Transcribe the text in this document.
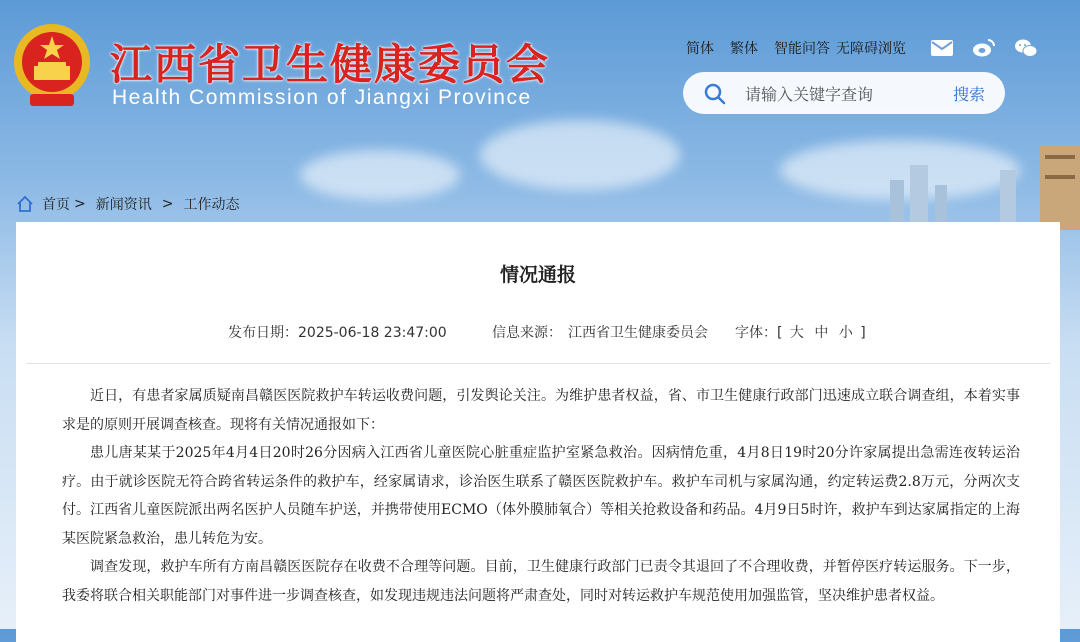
江西省卫生健康委员会
Health Commission of Jiangxi Province
简体 繁体 智能问答 无障碍浏览
请输入关键字查询
搜索
首页 > 新闻资讯 > 工作动态
情况通报
发布日期：2025-06-18 23:47:00	信息来源： 江西省卫生健康委员会	字体：[ 大 中 小 ]

近日，有患者家属质疑南昌赣医医院救护车转运收费问题，引发舆论关注。为维护患者权益，省、市卫生健康行政部门迅速成立联合调查组，本着实事求是的原则开展调查核查。现将有关情况通报如下：

患儿唐某某于2025年4月4日20时26分因病入江西省儿童医院心脏重症监护室紧急救治。因病情危重，4月8日19时20分许家属提出急需连夜转运治疗。由于就诊医院无符合跨省转运条件的救护车，经家属请求，诊治医生联系了赣医医院救护车。救护车司机与家属沟通，约定转运费2.8万元，分两次支付。江西省儿童医院派出两名医护人员随车护送，并携带使用ECMO（体外膜肺氧合）等相关抢救设备和药品。4月9日5时许，救护车到达家属指定的上海某医院紧急救治，患儿转危为安。

调查发现，救护车所有方南昌赣医医院存在收费不合理等问题。目前，卫生健康行政部门已责令其退回了不合理收费，并暂停医疗转运服务。下一步，我委将联合相关职能部门对事件进一步调查核查，如发现违规违法问题将严肃查处，同时对转运救护车规范使用加强监管，坚决维护患者权益。
